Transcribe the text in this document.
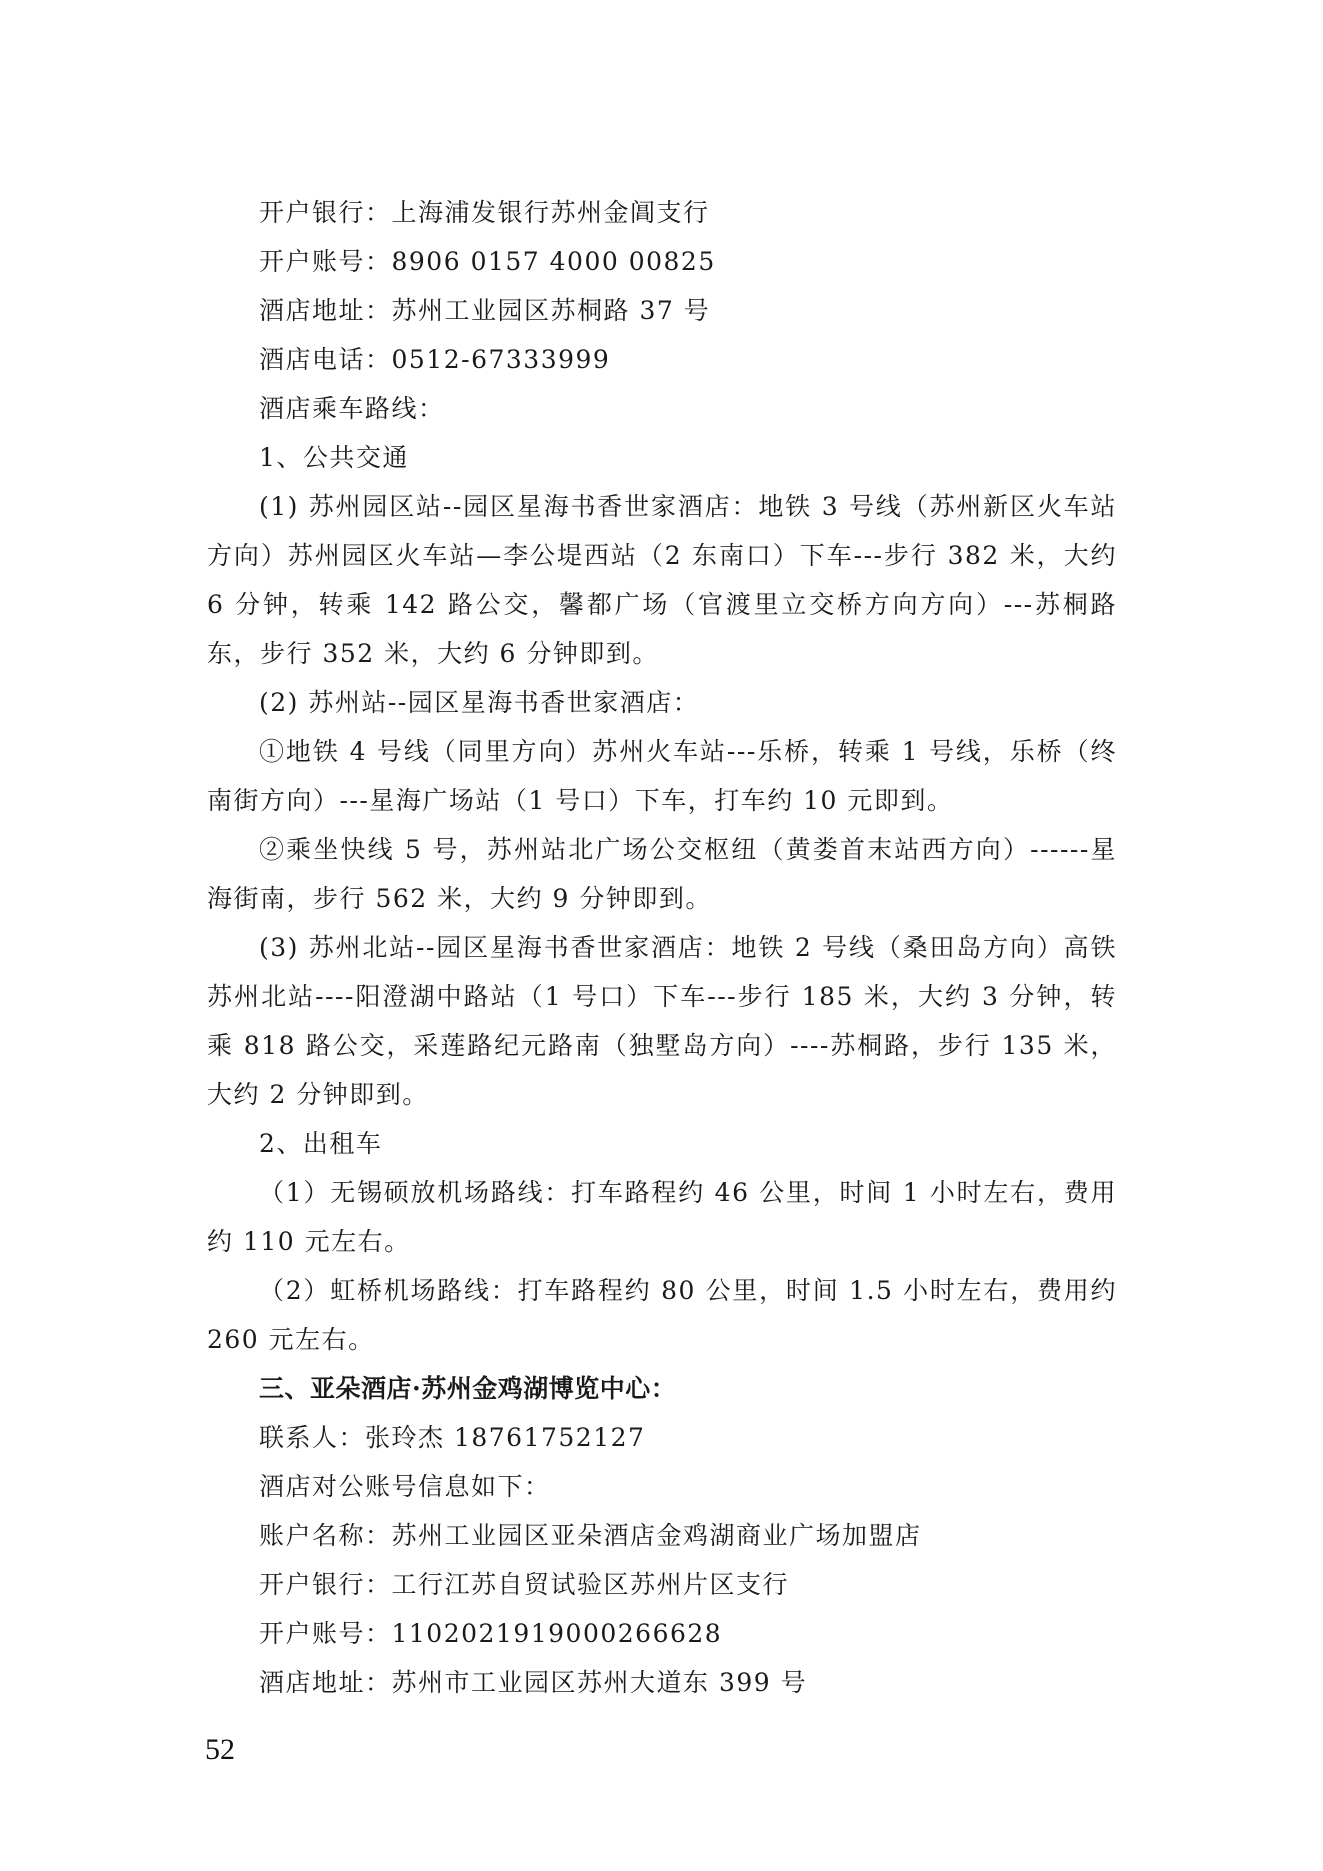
开户银行：上海浦发银行苏州金阊支行

开户账号：8906 0157 4000 00825

酒店地址：苏州工业园区苏桐路 37 号

酒店电话：0512-67333999

酒店乘车路线：

1、公共交通

(1) 苏州园区站--园区星海书香世家酒店：地铁 3 号线（苏州新区火车站方向）苏州园区火车站—李公堤西站（2 东南口）下车---步行 382 米，大约 6 分钟，转乘 142 路公交，馨都广场（官渡里立交桥方向方向）---苏桐路东，步行 352 米，大约 6 分钟即到。

(2) 苏州站--园区星海书香世家酒店：

①地铁 4 号线（同里方向）苏州火车站---乐桥，转乘 1 号线，乐桥（终南街方向）---星海广场站（1 号口）下车，打车约 10 元即到。

②乘坐快线 5 号，苏州站北广场公交枢纽（黄娄首末站西方向）------星海街南，步行 562 米，大约 9 分钟即到。

(3) 苏州北站--园区星海书香世家酒店：地铁 2 号线（桑田岛方向）高铁苏州北站----阳澄湖中路站（1 号口）下车---步行 185 米，大约 3 分钟，转乘 818 路公交，采莲路纪元路南（独墅岛方向）----苏桐路，步行 135 米，大约 2 分钟即到。

2、出租车

（1）无锡硕放机场路线：打车路程约 46 公里，时间 1 小时左右，费用约 110 元左右。

（2）虹桥机场路线：打车路程约 80 公里，时间 1.5 小时左右，费用约 260 元左右。

三、亚朵酒店·苏州金鸡湖博览中心：

联系人：张玲杰 18761752127

酒店对公账号信息如下：

账户名称：苏州工业园区亚朵酒店金鸡湖商业广场加盟店

开户银行：工行江苏自贸试验区苏州片区支行

开户账号：1102021919000266628

酒店地址：苏州市工业园区苏州大道东 399 号

52
